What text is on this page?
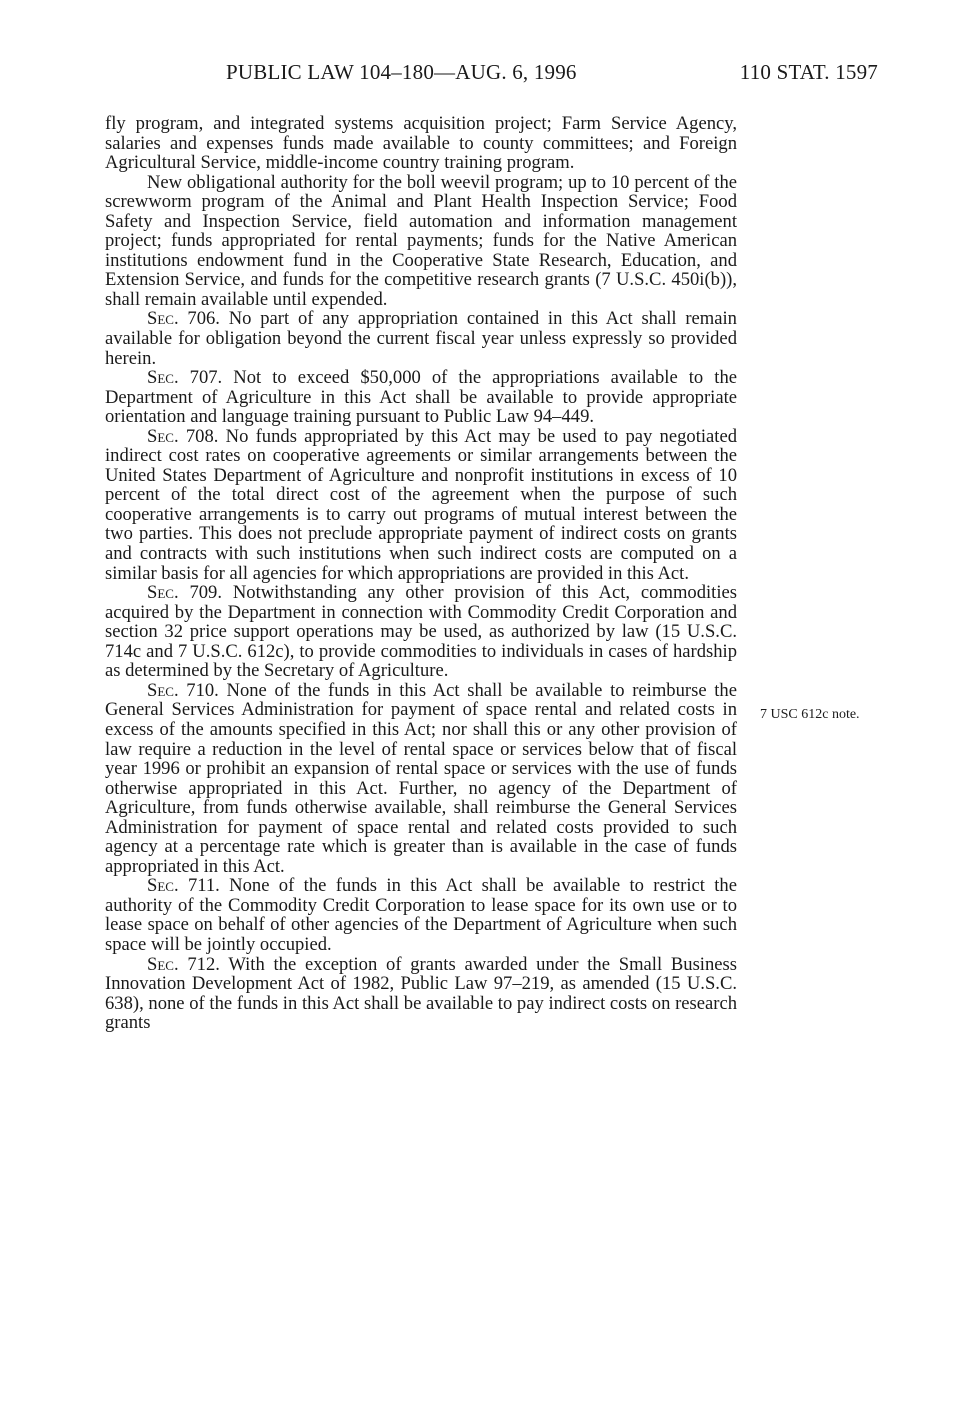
PUBLIC LAW 104–180—AUG. 6, 1996	110 STAT. 1597

fly program, and integrated systems acquisition project; Farm Service Agency, salaries and expenses funds made available to county committees; and Foreign Agricultural Service, middle-income country training program.

New obligational authority for the boll weevil program; up to 10 percent of the screwworm program of the Animal and Plant Health Inspection Service; Food Safety and Inspection Service, field automation and information management project; funds appropriated for rental payments; funds for the Native American institutions endowment fund in the Cooperative State Research, Education, and Extension Service, and funds for the competitive research grants (7 U.S.C. 450i(b)), shall remain available until expended.

Sec. 706. No part of any appropriation contained in this Act shall remain available for obligation beyond the current fiscal year unless expressly so provided herein.

Sec. 707. Not to exceed $50,000 of the appropriations available to the Department of Agriculture in this Act shall be available to provide appropriate orientation and language training pursuant to Public Law 94–449.

Sec. 708. No funds appropriated by this Act may be used to pay negotiated indirect cost rates on cooperative agreements or similar arrangements between the United States Department of Agriculture and nonprofit institutions in excess of 10 percent of the total direct cost of the agreement when the purpose of such cooperative arrangements is to carry out programs of mutual interest between the two parties. This does not preclude appropriate payment of indirect costs on grants and contracts with such institutions when such indirect costs are computed on a similar basis for all agencies for which appropriations are provided in this Act.

Sec. 709. Notwithstanding any other provision of this Act, commodities acquired by the Department in connection with Commodity Credit Corporation and section 32 price support operations may be used, as authorized by law (15 U.S.C. 714c and 7 U.S.C. 612c), to provide commodities to individuals in cases of hardship as determined by the Secretary of Agriculture.

Sec. 710. None of the funds in this Act shall be available to reimburse the General Services Administration for payment of space rental and related costs in excess of the amounts specified in this Act; nor shall this or any other provision of law require a reduction in the level of rental space or services below that of fiscal year 1996 or prohibit an expansion of rental space or services with the use of funds otherwise appropriated in this Act. Further, no agency of the Department of Agriculture, from funds otherwise available, shall reimburse the General Services Administration for payment of space rental and related costs provided to such agency at a percentage rate which is greater than is available in the case of funds appropriated in this Act.

Sec. 711. None of the funds in this Act shall be available to restrict the authority of the Commodity Credit Corporation to lease space for its own use or to lease space on behalf of other agencies of the Department of Agriculture when such space will be jointly occupied.

Sec. 712. With the exception of grants awarded under the Small Business Innovation Development Act of 1982, Public Law 97–219, as amended (15 U.S.C. 638), none of the funds in this Act shall be available to pay indirect costs on research grants

7 USC 612c note.
